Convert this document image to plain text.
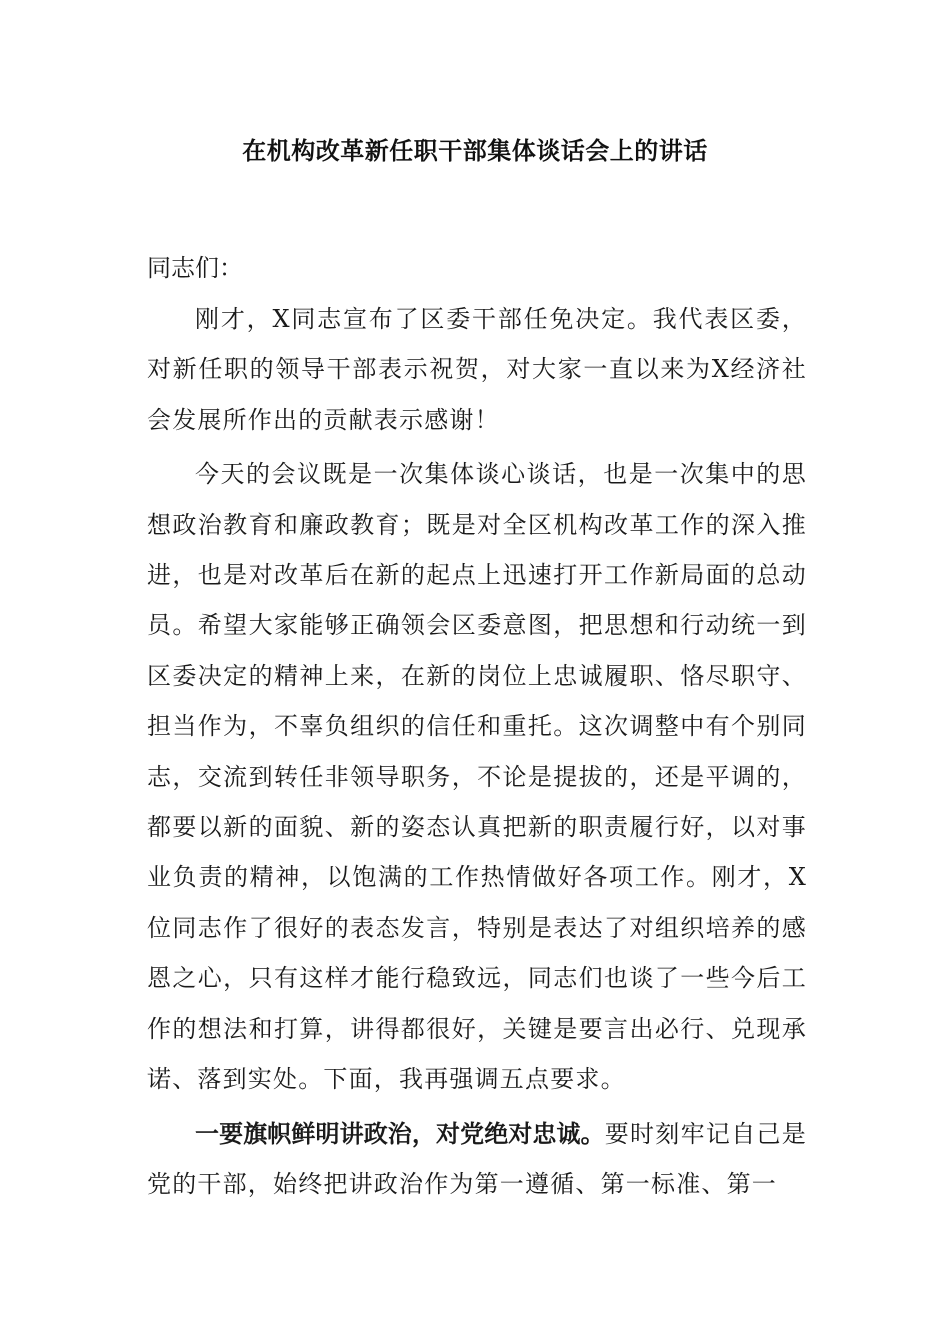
在机构改革新任职干部集体谈话会上的讲话

同志们：

刚才，X同志宣布了区委干部任免决定。我代表区委，对新任职的领导干部表示祝贺，对大家一直以来为X经济社会发展所作出的贡献表示感谢！

今天的会议既是一次集体谈心谈话，也是一次集中的思想政治教育和廉政教育；既是对全区机构改革工作的深入推进，也是对改革后在新的起点上迅速打开工作新局面的总动员。希望大家能够正确领会区委意图，把思想和行动统一到区委决定的精神上来，在新的岗位上忠诚履职、恪尽职守、担当作为，不辜负组织的信任和重托。这次调整中有个别同志，交流到转任非领导职务，不论是提拔的，还是平调的，都要以新的面貌、新的姿态认真把新的职责履行好，以对事业负责的精神，以饱满的工作热情做好各项工作。刚才，X位同志作了很好的表态发言，特别是表达了对组织培养的感恩之心，只有这样才能行稳致远，同志们也谈了一些今后工作的想法和打算，讲得都很好，关键是要言出必行、兑现承诺、落到实处。下面，我再强调五点要求。

一要旗帜鲜明讲政治，对党绝对忠诚。要时刻牢记自己是党的干部，始终把讲政治作为第一遵循、第一标准、第一
